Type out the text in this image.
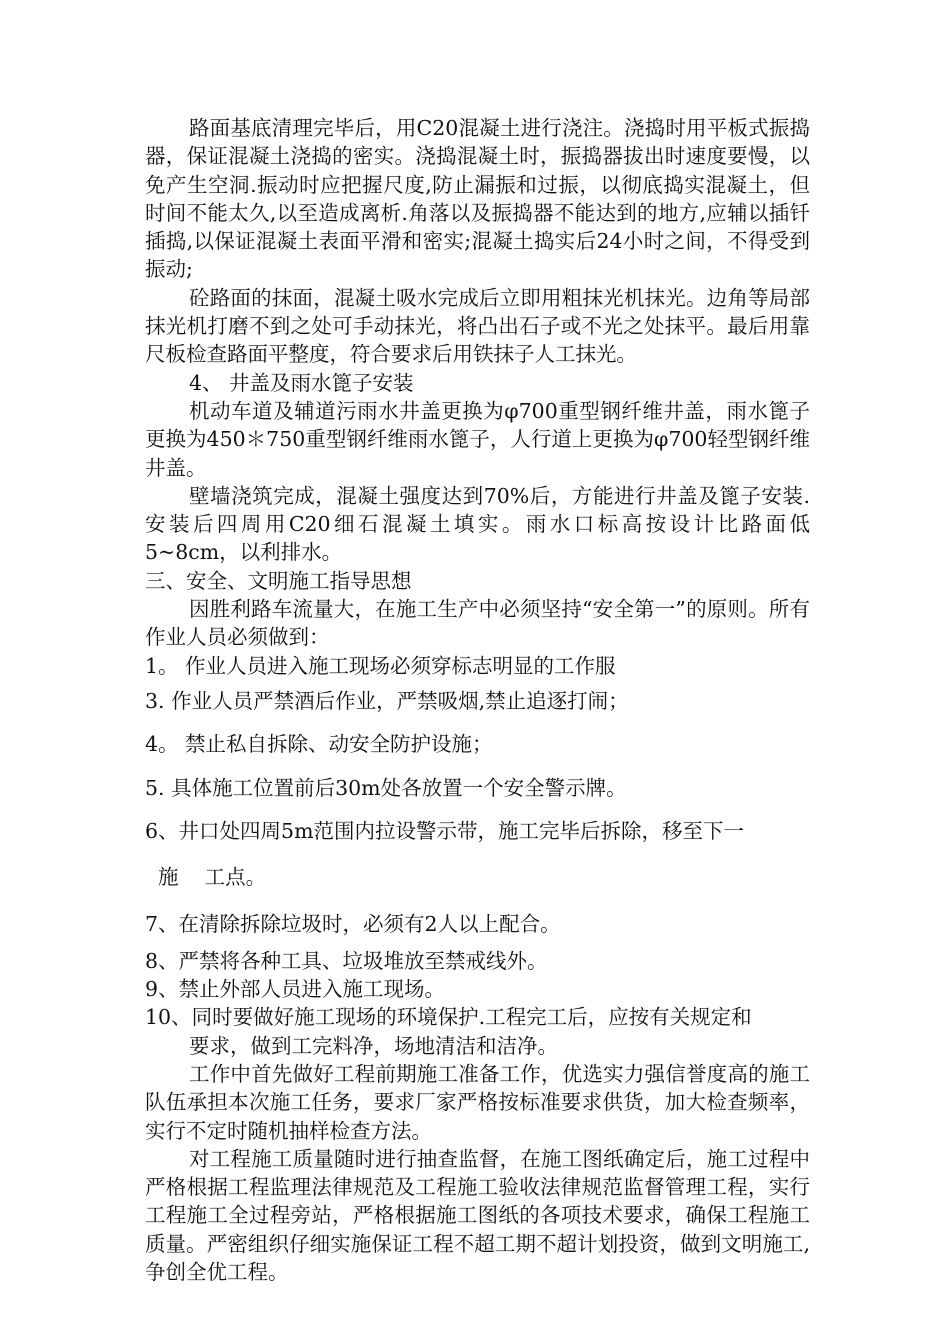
路面基底清理完毕后，用C20混凝土进行浇注。浇捣时用平板式振捣器，保证混凝土浇捣的密实。浇捣混凝土时，振捣器拔出时速度要慢，以免产生空洞.振动时应把握尺度,防止漏振和过振，以彻底捣实混凝土，但时间不能太久,以至造成离析.角落以及振捣器不能达到的地方,应辅以插钎插捣,以保证混凝土表面平滑和密实;混凝土捣实后24小时之间，不得受到振动;

砼路面的抹面，混凝土吸水完成后立即用粗抹光机抹光。边角等局部抹光机打磨不到之处可手动抹光，将凸出石子或不光之处抹平。最后用靠尺板检查路面平整度，符合要求后用铁抹子人工抹光。

4、 井盖及雨水篦子安装

机动车道及辅道污雨水井盖更换为φ700重型钢纤维井盖，雨水篦子更换为450＊750重型钢纤维雨水篦子，人行道上更换为φ700轻型钢纤维井盖。

壁墙浇筑完成，混凝土强度达到70%后，方能进行井盖及篦子安装.安装后四周用C20细石混凝土填实。雨水口标高按设计比路面低5~8cm，以利排水。

三、安全、文明施工指导思想

因胜利路车流量大，在施工生产中必须坚持“安全第一”的原则。所有作业人员必须做到：

1。 作业人员进入施工现场必须穿标志明显的工作服

3. 作业人员严禁酒后作业，严禁吸烟,禁止追逐打闹；

4。 禁止私自拆除、动安全防护设施；

5. 具体施工位置前后30m处各放置一个安全警示牌。

6、井口处四周5m范围内拉设警示带，施工完毕后拆除，移至下一

施    工点。

7、在清除拆除垃圾时，必须有2人以上配合。

8、严禁将各种工具、垃圾堆放至禁戒线外。

9、禁止外部人员进入施工现场。

10、同时要做好施工现场的环境保护.工程完工后，应按有关规定和

要求，做到工完料净，场地清洁和洁净。

工作中首先做好工程前期施工准备工作，优选实力强信誉度高的施工队伍承担本次施工任务，要求厂家严格按标准要求供货，加大检查频率，实行不定时随机抽样检查方法。

对工程施工质量随时进行抽查监督，在施工图纸确定后，施工过程中严格根据工程监理法律规范及工程施工验收法律规范监督管理工程，实行工程施工全过程旁站，严格根据施工图纸的各项技术要求，确保工程施工质量。严密组织仔细实施保证工程不超工期不超计划投资，做到文明施工,争创全优工程。
